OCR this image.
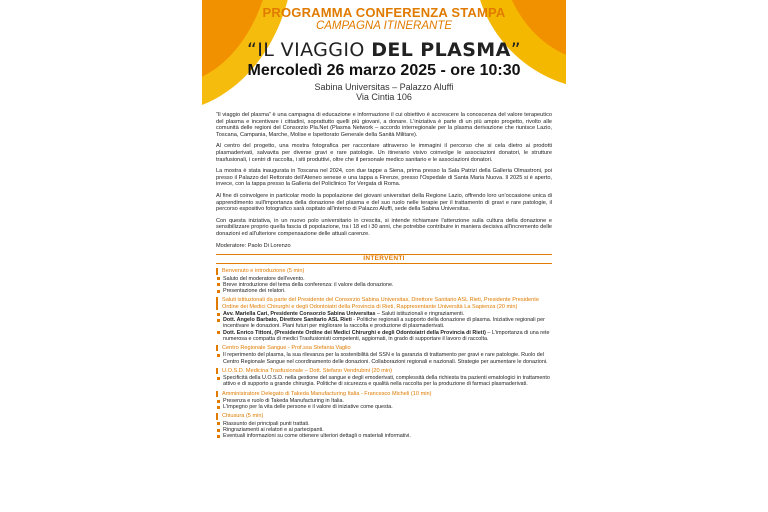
PROGRAMMA CONFERENZA STAMPA
CAMPAGNA ITINERANTE
“IL VIAGGIO DEL PLASMA”
Mercoledì 26 marzo 2025 - ore 10:30
Sabina Universitas – Palazzo Aluffi
Via Cintia 106

“Il viaggio del plasma” è una campagna di educazione e informazione il cui obiettivo è accrescere la conoscenza del valore terapeutico del plasma e incentivare i cittadini, soprattutto quelli più giovani, a donare. L'iniziativa è parte di un più ampio progetto, rivolto alle comunità delle regioni del Consorzio Pla.Net (Plasma Network – accordo interregionale per la plasma derivazione che riunisce Lazio, Toscana, Campania, Marche, Molise e Ispettorato Generale della Sanità Militare).

Al centro del progetto, una mostra fotografica per raccontare attraverso le immagini il percorso che si cela dietro ai prodotti plasmaderivati, salvavita per diverse gravi e rare patologie. Un itinerario visivo coinvolge le associazioni donatori, le strutture trasfusionali, i centri di raccolta, i siti produttivi, oltre che il personale medico sanitario e le associazioni donatori.

La mostra è stata inaugurata in Toscana nel 2024, con due tappe a Siena, prima presso la Sala Patrizi della Galleria Olmastroni, poi presso il Palazzo del Rettorato dell'Ateneo senese e una tappa a Firenze, presso l'Ospedale di Santa Maria Nuova. Il 2025 si è aperto, invece, con la tappa presso la Galleria del Policlinico Tor Vergata di Roma.

Al fine di coinvolgere in particolar modo la popolazione dei giovani universitari della Regione Lazio, offrendo loro un'occasione unica di apprendimento sull'importanza della donazione del plasma e del suo ruolo nelle terapie per il trattamento di gravi e rare patologie, il percorso espositivo fotografico sarà ospitato all'interno di Palazzo Aluffi, sede della Sabina Universitas.

Con questa iniziativa, in un nuovo polo universitario in crescita, si intende richiamare l'attenzione sulla cultura della donazione e sensibilizzare proprio quella fascia di popolazione, tra i 18 ed i 30 anni, che potrebbe contribuire in maniera decisiva all'incremento delle donazioni ed all'ulteriore compensazione delle attuali carenze.

Moderatore: Paolo Di Lorenzo

INTERVENTI
Benvenuto e introduzione (5 min)
Saluto del moderatore dell'evento.
Breve introduzione del tema della conferenza: il valore della donazione.
Presentazione dei relatori.
Saluti istituzionali da parte del Presidente del Consorzio Sabina Universitas, Direttore Sanitario ASL Rieti, Presidente Presidente Ordine dei Medici Chirurghi e degli Odontoiatri della Provincia di Rieti, Rappresentante Università La Sapienza (20 min)
Avv. Mariella Cari, Presidente Consorzio Sabina Universitas – Saluti istituzionali e ringraziamenti.
Dott. Angelo Barbato, Direttore Sanitario ASL Rieti - Politiche regionali a supporto della donazione di plasma. Iniziative regionali per incentivare le donazioni. Piani futuri per migliorare la raccolta e produzione di plasmaderivati.
Dott. Enrico Tittoni, (Presidente Ordine dei Medici Chirurghi e degli Odontoiatri della Provincia di Rieti) – L'importanza di una rete numerosa e compatta di medici Trasfusionisti competenti, aggiornati, in grado di supportare il lavoro di raccolta.
Centro Regionale Sangue - Prof.ssa Stefania Vaglio
Il reperimento del plasma, la sua rilevanza per la sostenibilità del SSN e la garanzia di trattamento per gravi e rare patologie. Ruolo del Centro Regionale Sangue nel coordinamento delle donazioni. Collaborazioni regionali e nazionali. Strategie per aumentare le donazioni.
U.O.S.D. Medicina Trasfusionale – Dott. Stefano Vendrubini (20 min)
Specificità della U.O.S.D. nella gestione del sangue e degli emoderivati, complessità della richiesta tra pazienti ematologici in trattamento attivo e di supporto a grande chirurgia. Politiche di sicurezza e qualità nella raccolta per la produzione di farmaci plasmaderivati.
Amministratore Delegato di Takeda Manufacturing Italia - Francesco Micheli (10 min)
Presenza e ruolo di Takeda Manufacturing in Italia.
L'impegno per la vita delle persone e il valore di iniziative come questa.
Chiusura (5 min)
Riassunto dei principali punti trattati.
Ringraziamenti ai relatori e ai partecipanti.
Eventuali informazioni su come ottenere ulteriori dettagli o materiali informativi.
